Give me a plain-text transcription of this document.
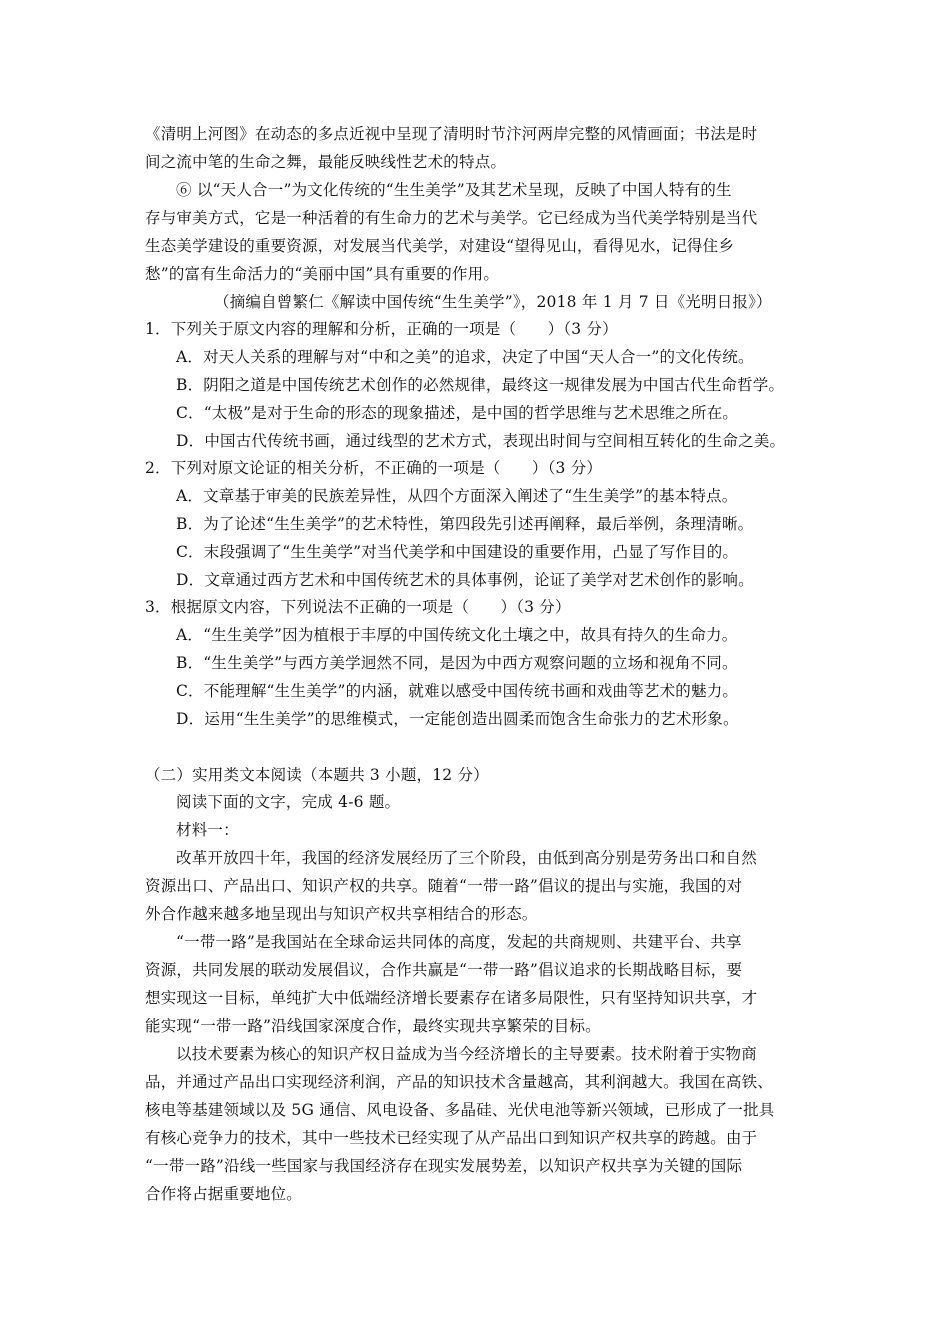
《清明上河图》在动态的多点近视中呈现了清明时节汴河两岸完整的风情画面；书法是时
间之流中笔的生命之舞，最能反映线性艺术的特点。
⑥ 以“天人合一”为文化传统的“生生美学”及其艺术呈现，反映了中国人特有的生
存与审美方式，它是一种活着的有生命力的艺术与美学。它已经成为当代美学特别是当代
生态美学建设的重要资源，对发展当代美学，对建设“望得见山，看得见水，记得住乡
愁”的富有生命活力的“美丽中国”具有重要的作用。
（摘编自曾繁仁《解读中国传统“生生美学”》，2018 年 1 月 7 日《光明日报》）
1．下列关于原文内容的理解和分析，正确的一项是（　　）（3 分）
A．对天人关系的理解与对“中和之美”的追求，决定了中国“天人合一”的文化传统。
B．阴阳之道是中国传统艺术创作的必然规律，最终这一规律发展为中国古代生命哲学。
C．“太极”是对于生命的形态的现象描述，是中国的哲学思维与艺术思维之所在。
D．中国古代传统书画，通过线型的艺术方式，表现出时间与空间相互转化的生命之美。
2．下列对原文论证的相关分析，不正确的一项是（　　）（3 分）
A．文章基于审美的民族差异性，从四个方面深入阐述了“生生美学”的基本特点。
B．为了论述“生生美学”的艺术特性，第四段先引述再阐释，最后举例，条理清晰。
C．末段强调了“生生美学”对当代美学和中国建设的重要作用，凸显了写作目的。
D．文章通过西方艺术和中国传统艺术的具体事例，论证了美学对艺术创作的影响。
3．根据原文内容，下列说法不正确的一项是（　　）（3 分）
A．“生生美学”因为植根于丰厚的中国传统文化土壤之中，故具有持久的生命力。
B．“生生美学”与西方美学迥然不同，是因为中西方观察问题的立场和视角不同。
C．不能理解“生生美学”的内涵，就难以感受中国传统书画和戏曲等艺术的魅力。
D．运用“生生美学”的思维模式，一定能创造出圆柔而饱含生命张力的艺术形象。
（二）实用类文本阅读（本题共 3 小题，12 分）
阅读下面的文字，完成 4-6 题。
材料一：
改革开放四十年，我国的经济发展经历了三个阶段，由低到高分别是劳务出口和自然
资源出口、产品出口、知识产权的共享。随着“一带一路”倡议的提出与实施，我国的对
外合作越来越多地呈现出与知识产权共享相结合的形态。
“一带一路”是我国站在全球命运共同体的高度，发起的共商规则、共建平台、共享
资源，共同发展的联动发展倡议，合作共赢是“一带一路”倡议追求的长期战略目标，要
想实现这一目标，单纯扩大中低端经济增长要素存在诸多局限性，只有坚持知识共享，才
能实现“一带一路”沿线国家深度合作，最终实现共享繁荣的目标。
以技术要素为核心的知识产权日益成为当今经济增长的主导要素。技术附着于实物商
品，并通过产品出口实现经济利润，产品的知识技术含量越高，其利润越大。我国在高铁、
核电等基建领域以及 5G 通信、风电设备、多晶硅、光伏电池等新兴领域，已形成了一批具
有核心竞争力的技术，其中一些技术已经实现了从产品出口到知识产权共享的跨越。由于
“一带一路”沿线一些国家与我国经济存在现实发展势差，以知识产权共享为关键的国际
合作将占据重要地位。
